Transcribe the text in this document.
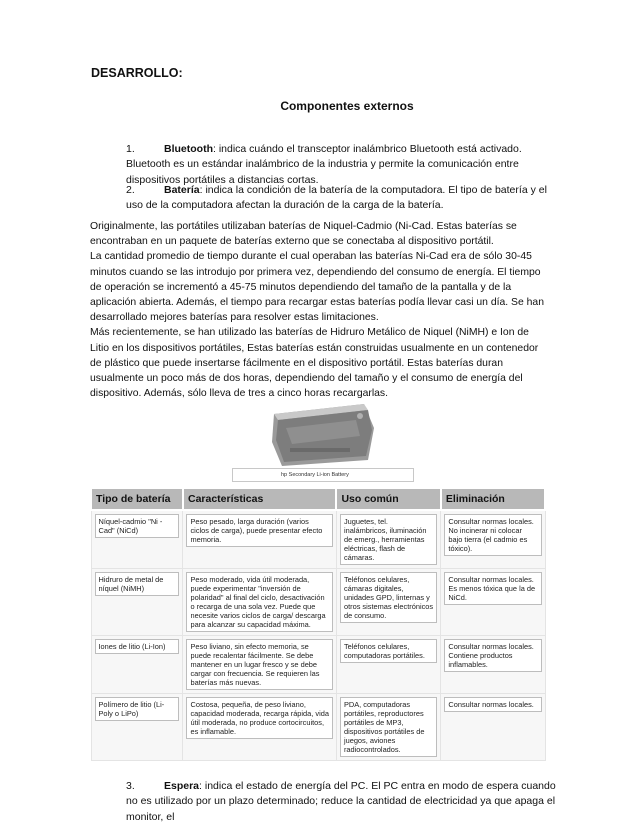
DESARROLLO:
Componentes externos
1.	Bluetooth: indica cuándo el transceptor inalámbrico Bluetooth está activado. Bluetooth es un estándar inalámbrico de la industria y permite la comunicación entre dispositivos portátiles a distancias cortas.
2.	Batería: indica la condición de la batería de la computadora. El tipo de batería y el uso de la computadora afectan la duración de la carga de la batería.

Originalmente, las portátiles utilizaban baterías de Niquel-Cadmio (Ni-Cad. Estas baterías se encontraban en un paquete de baterías externo que se conectaba al dispositivo portátil.

La cantidad promedio de tiempo durante el cual operaban las baterías Ni-Cad era de sólo 30-45 minutos cuando se las introdujo por primera vez, dependiendo del consumo de energía. El tiempo de operación se incrementó a 45-75 minutos dependiendo del tamaño de la pantalla y de la aplicación abierta. Además, el tiempo para recargar estas baterías podía llevar casi un día. Se han desarrollado mejores baterías para resolver estas limitaciones.

Más recientemente, se han utilizado las baterías de Hidruro Metálico de Niquel (NiMH) e Ion de Litio en los dispositivos portátiles, Estas baterías están construidas usualmente en un contenedor de plástico que puede insertarse fácilmente en el dispositivo portátil. Estas baterías duran usualmente un poco más de dos horas, dependiendo del tamaño y el consumo de energía del dispositivo. Además, sólo lleva de tres a cinco horas recargarlas.

hp Secondary Li-ion Battery
Tipo de batería	Características	Uso común	Eliminación

Níquel-cadmio "Ni -Cad" (NiCd)	Peso pesado, larga duración (varios ciclos de carga), puede presentar efecto memoria.	Juguetes, tel. inalámbricos, iluminación de emerg., herramientas eléctricas, flash de cámaras.	Consultar normas locales. No incinerar ni colocar bajo tierra (el cadmio es tóxico).

Hidruro de metal de níquel (NiMH)	Peso moderado, vida útil moderada, puede experimentar "inversión de polaridad" al final del ciclo, desactivación o recarga de una sola vez. Puede que necesite varios ciclos de carga/ descarga para alcanzar su capacidad máxima.	Teléfonos celulares, cámaras digitales, unidades GPD, linternas y otros sistemas electrónicos de consumo.	Consultar normas locales. Es menos tóxica que la de NiCd.

Iones de litio (Li-Ion)	Peso liviano, sin efecto memoria, se puede recalentar fácilmente. Se debe mantener en un lugar fresco y se debe cargar con frecuencia. Se requieren las baterías más nuevas.	Teléfonos celulares, computadoras portátiles.	Consultar normas locales. Contiene productos inflamables.

Polímero de litio (Li-Poly o LiPo)	Costosa, pequeña, de peso liviano, capacidad moderada, recarga rápida, vida útil moderada, no produce cortocircuitos, es inflamable.	PDA, computadoras portátiles, reproductores portátiles de MP3, dispositivos portátiles de juegos, aviones radiocontrolados.	Consultar normas locales.
3.	Espera: indica el estado de energía del PC. El PC entra en modo de espera cuando no es utilizado por un plazo determinado; reduce la cantidad de electricidad ya que apaga el monitor, el
